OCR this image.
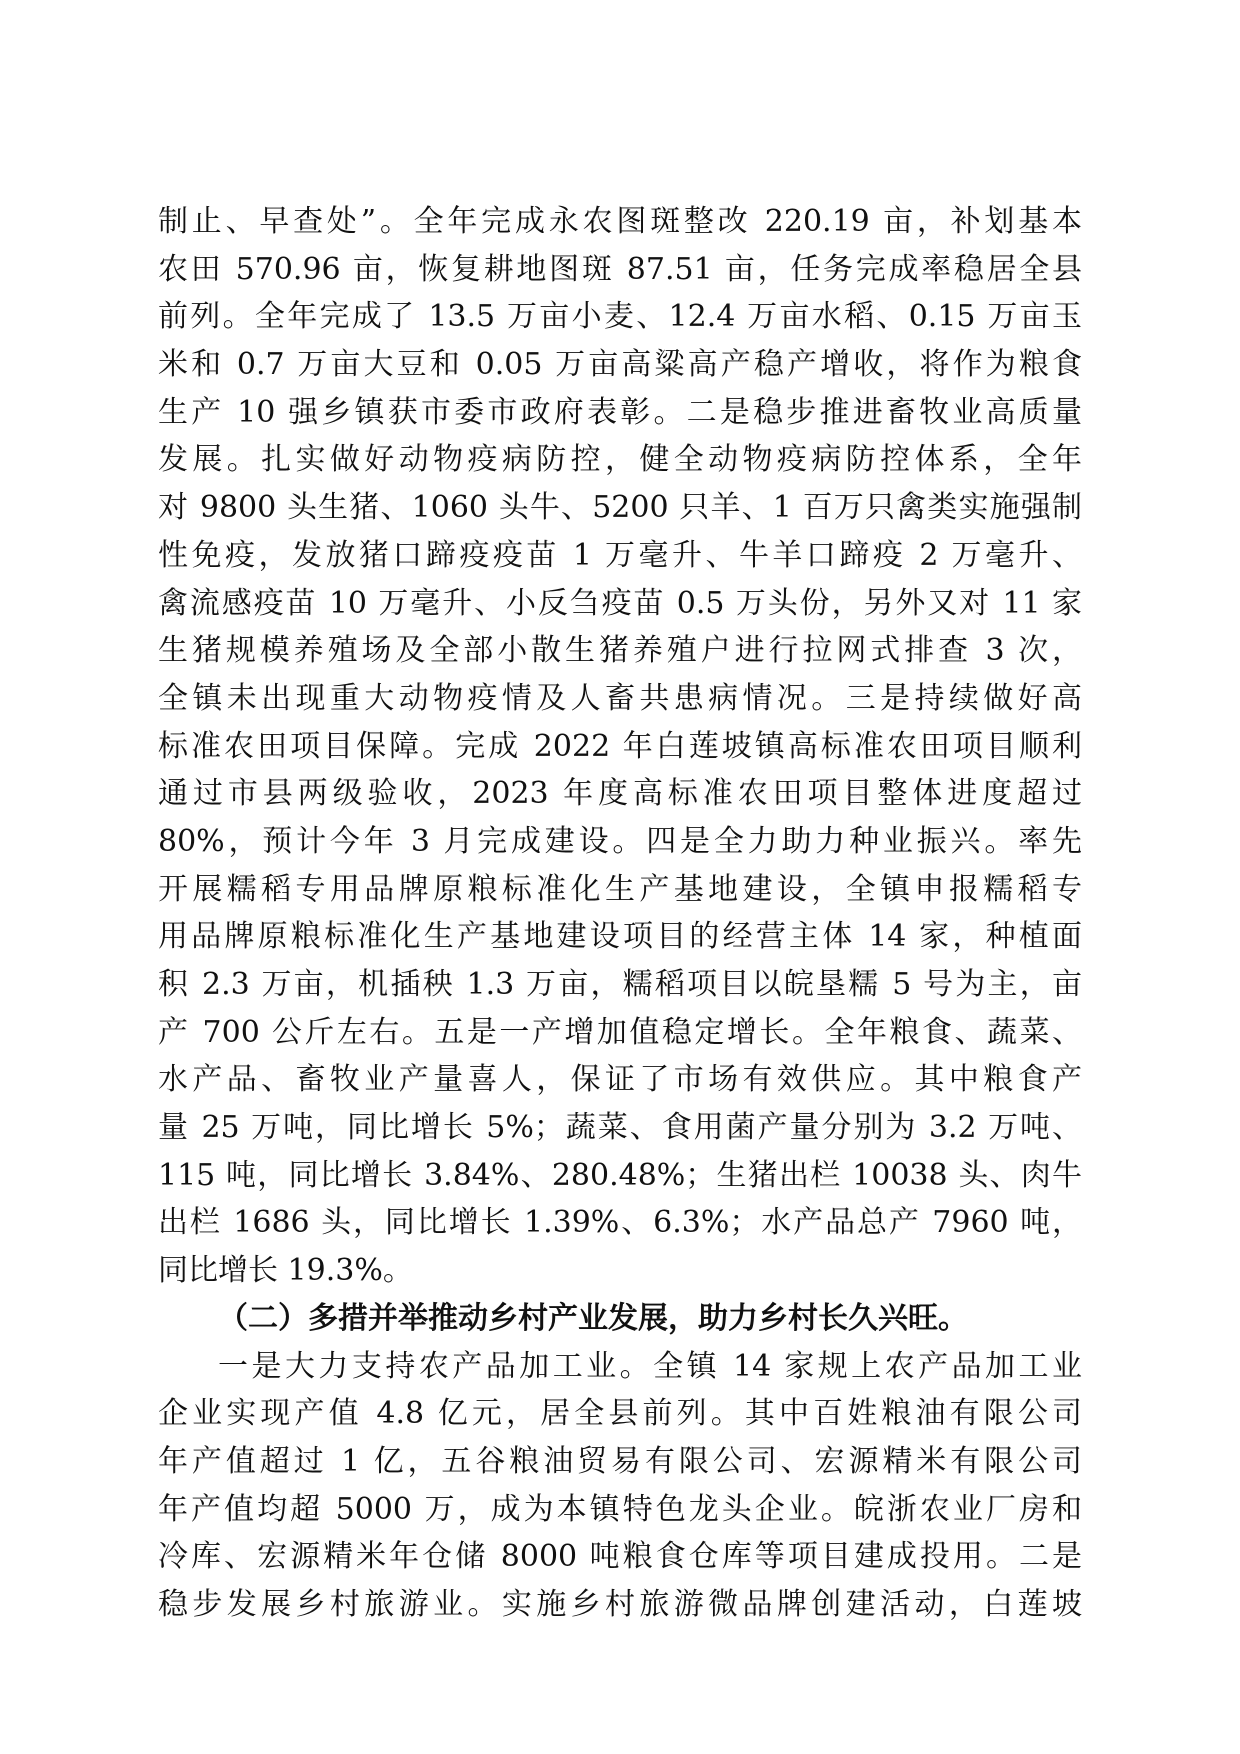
制止、早查处”。全年完成永农图斑整改 220.19 亩，补划基本
农田 570.96 亩，恢复耕地图斑 87.51 亩，任务完成率稳居全县
前列。全年完成了 13.5 万亩小麦、12.4 万亩水稻、0.15 万亩玉
米和 0.7 万亩大豆和 0.05 万亩高粱高产稳产增收，将作为粮食
生产 10 强乡镇获市委市政府表彰。二是稳步推进畜牧业高质量
发展。扎实做好动物疫病防控，健全动物疫病防控体系，全年
对 9800 头生猪、1060 头牛、5200 只羊、1 百万只禽类实施强制
性免疫，发放猪口蹄疫疫苗 1 万毫升、牛羊口蹄疫 2 万毫升、
禽流感疫苗 10 万毫升、小反刍疫苗 0.5 万头份，另外又对 11 家
生猪规模养殖场及全部小散生猪养殖户进行拉网式排查 3 次，
全镇未出现重大动物疫情及人畜共患病情况。三是持续做好高
标准农田项目保障。完成 2022 年白莲坡镇高标准农田项目顺利
通过市县两级验收，2023 年度高标准农田项目整体进度超过
80%，预计今年 3 月完成建设。四是全力助力种业振兴。率先
开展糯稻专用品牌原粮标准化生产基地建设，全镇申报糯稻专
用品牌原粮标准化生产基地建设项目的经营主体 14 家，种植面
积 2.3 万亩，机插秧 1.3 万亩，糯稻项目以皖垦糯 5 号为主，亩
产 700 公斤左右。五是一产增加值稳定增长。全年粮食、蔬菜、
水产品、畜牧业产量喜人，保证了市场有效供应。其中粮食产
量 25 万吨，同比增长 5%；蔬菜、食用菌产量分别为 3.2 万吨、
115 吨，同比增长 3.84%、280.48%；生猪出栏 10038 头、肉牛
出栏 1686 头，同比增长 1.39%、6.3%；水产品总产 7960 吨，
同比增长 19.3%。
（二）多措并举推动乡村产业发展，助力乡村长久兴旺。
一是大力支持农产品加工业。全镇 14 家规上农产品加工业
企业实现产值 4.8 亿元，居全县前列。其中百姓粮油有限公司
年产值超过 1 亿，五谷粮油贸易有限公司、宏源精米有限公司
年产值均超 5000 万，成为本镇特色龙头企业。皖浙农业厂房和
冷库、宏源精米年仓储 8000 吨粮食仓库等项目建成投用。二是
稳步发展乡村旅游业。实施乡村旅游微品牌创建活动，白莲坡
